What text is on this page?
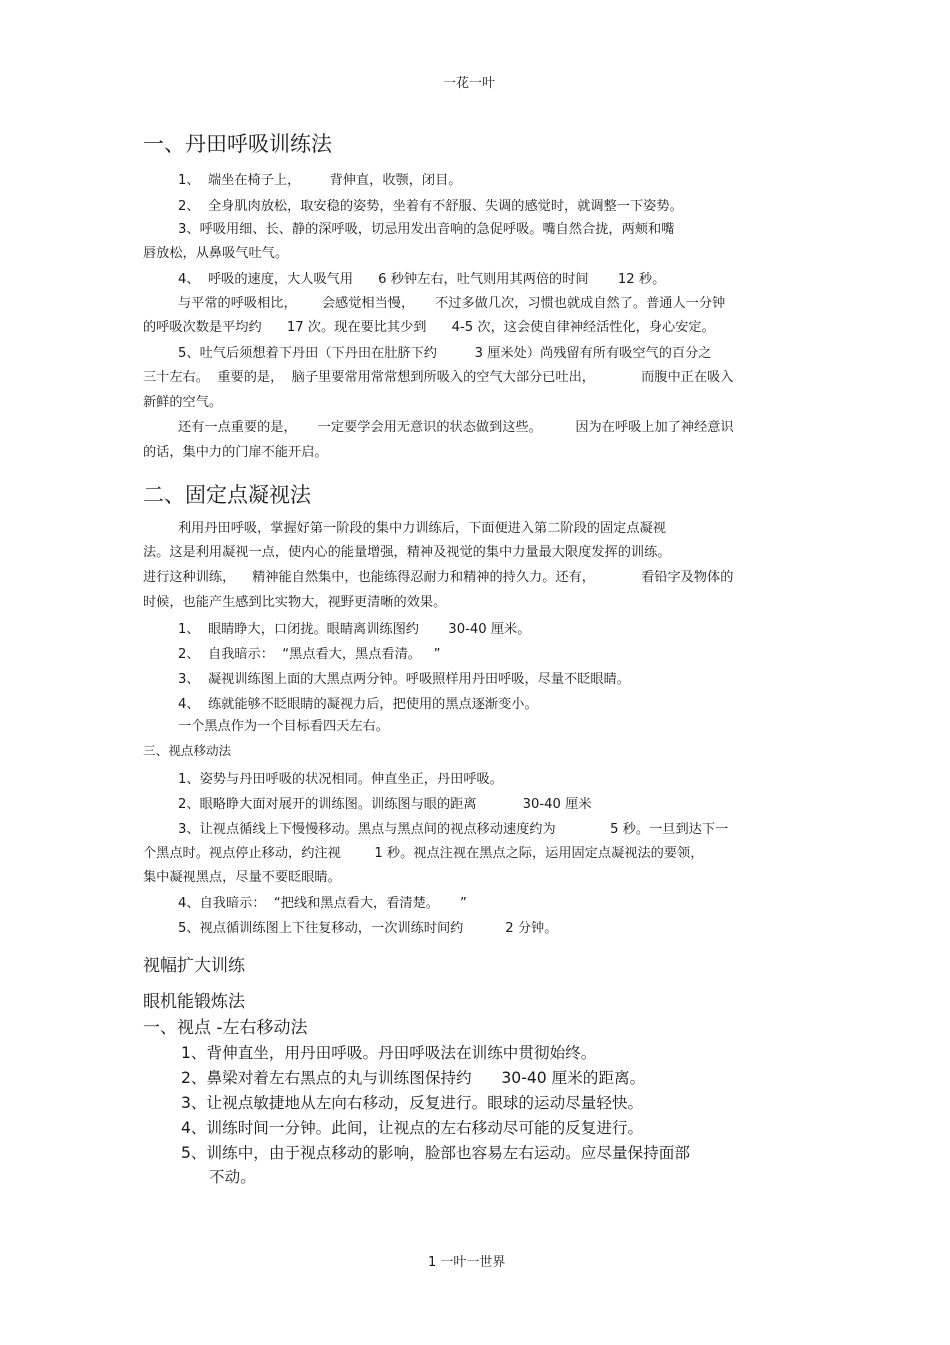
一花一叶
一、丹田呼吸训练法
1、  端坐在椅子上，       背伸直，收颚，闭目。
2、  全身肌肉放松，取安稳的姿势，坐着有不舒服、失调的感觉时，就调整一下姿势。
3、呼吸用细、长、静的深呼吸，切忌用发出音响的急促呼吸。嘴自然合拢，两颊和嘴
唇放松，从鼻吸气吐气。
4、  呼吸的速度，大人吸气用      6 秒钟左右，吐气则用其两倍的时间       12 秒。
与平常的呼吸相比，      会感觉相当慢，     不过多做几次，习惯也就成自然了。普通人一分钟
的呼吸次数是平均约      17 次。现在要比其少到      4-5 次，这会使自律神经活性化，身心安定。
5、吐气后须想着下丹田（下丹田在肚脐下约         3 厘米处）尚残留有所有吸空气的百分之
三十左右。  重要的是，  脑子里要常用常常想到所吸入的空气大部分已吐出，           而腹中正在吸入
新鲜的空气。
还有一点重要的是，     一定要学会用无意识的状态做到这些。        因为在呼吸上加了神经意识
的话，集中力的门扉不能开启。
二、固定点凝视法
利用丹田呼吸，掌握好第一阶段的集中力训练后，下面便进入第二阶段的固定点凝视
法。这是利用凝视一点，使内心的能量增强，精神及视觉的集中力量最大限度发挥的训练。
进行这种训练，    精神能自然集中，也能练得忍耐力和精神的持久力。还有，           看铅字及物体的
时候，也能产生感到比实物大，视野更清晰的效果。
1、  眼睛睁大，口闭拢。眼睛离训练图约       30-40 厘米。
2、  自我暗示：  “黑点看大，黑点看清。   ”
3、  凝视训练图上面的大黑点两分钟。呼吸照样用丹田呼吸，尽量不眨眼睛。
4、  练就能够不眨眼睛的凝视力后，把使用的黑点逐渐变小。
一个黑点作为一个目标看四天左右。
三、视点移动法
1、姿势与丹田呼吸的状况相同。伸直坐正，丹田呼吸。
2、眼略睁大面对展开的训练图。训练图与眼的距离           30-40 厘米
3、让视点循线上下慢慢移动。黑点与黑点间的视点移动速度约为             5 秒。一旦到达下一
个黑点时。视点停止移动，约注视        1 秒。视点注视在黑点之际，运用固定点凝视法的要领，
集中凝视黑点，尽量不要眨眼睛。
4、自我暗示：  “把线和黑点看大，看清楚。     ”
5、视点循训练图上下往复移动，一次训练时间约          2 分钟。
视幅扩大训练
眼机能锻炼法
一、视点 -左右移动法
1、背伸直坐，用丹田呼吸。丹田呼吸法在训练中贯彻始终。
2、鼻梁对着左右黑点的丸与训练图保持约      30-40 厘米的距离。
3、让视点敏捷地从左向右移动，反复进行。眼球的运动尽量轻快。
4、训练时间一分钟。此间，让视点的左右移动尽可能的反复进行。
5、训练中，由于视点移动的影响，脸部也容易左右运动。应尽量保持面部
不动。
1 一叶一世界
